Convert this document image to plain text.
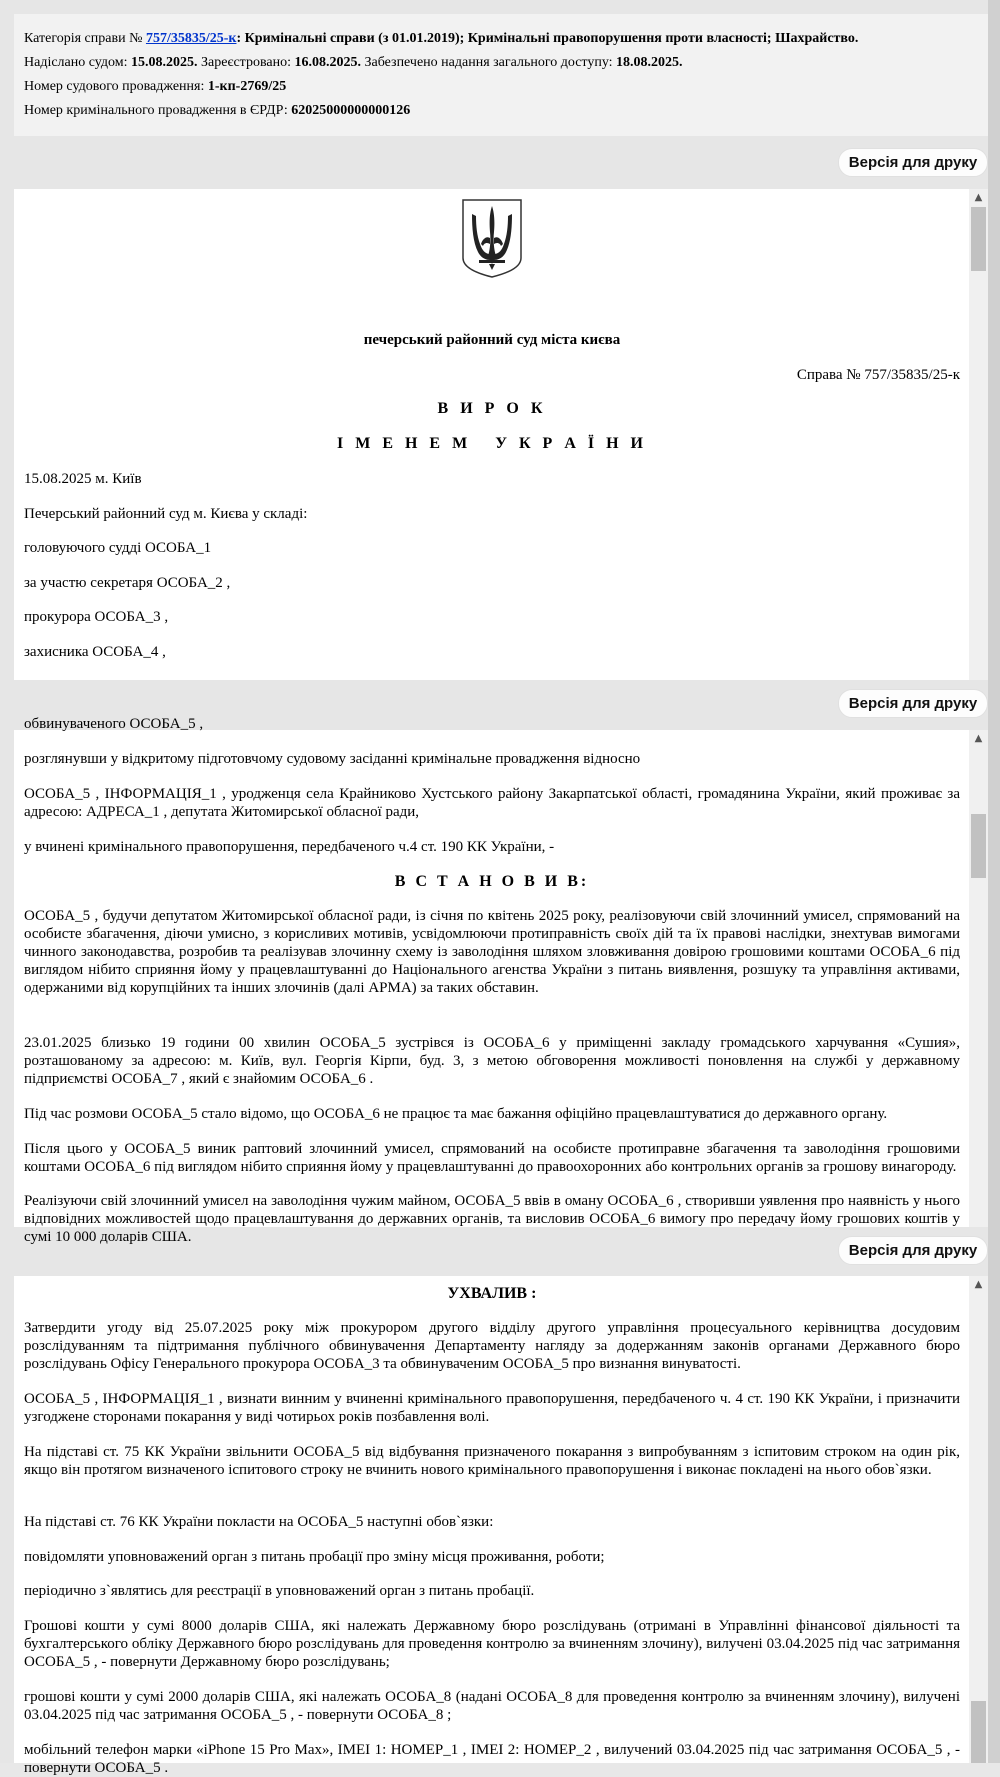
Категорія справи № 757/35835/25-к: Кримінальні справи (з 01.01.2019); Кримінальні правопорушення проти власності; Шахрайство.
Надіслано судом: 15.08.2025. Зареєстровано: 16.08.2025. Забезпечено надання загального доступу: 18.08.2025.
Номер судового провадження: 1-кп-2769/25
Номер кримінального провадження в ЄРДР: 62025000000000126
Версія для друку
печерський районний суд міста києва
Справа № 757/35835/25-к
В И Р О К
І М Е Н Е М   У К Р А Ї Н И
15.08.2025 м. Київ
Печерський районний суд м. Києва у складі:
головуючого судді ОСОБА_1
за участю секретаря ОСОБА_2 ,
прокурора ОСОБА_3 ,
захисника ОСОБА_4 ,
▲
Версія для друку
обвинуваченого ОСОБА_5 ,

розглянувши у відкритому підготовчому судовому засіданні кримінальне провадження відносно

ОСОБА_5 , ІНФОРМАЦІЯ_1 , уродженця села Крайниково Хустського району Закарпатської області, громадянина України, який проживає за адресою: АДРЕСА_1 , депутата Житомирської обласної ради,

у вчинені кримінального правопорушення, передбаченого ч.4 ст. 190 КК України, -

В С Т А Н О В И В:

ОСОБА_5 , будучи депутатом Житомирської обласної ради, із січня по квітень 2025 року, реалізовуючи свій злочинний умисел, спрямований на особисте збагачення, діючи умисно, з корисливих мотивів, усвідомлюючи протиправність своїх дій та їх правові наслідки, знехтував вимогами чинного законодавства, розробив та реалізував злочинну схему із заволодіння шляхом зловживання довірою грошовими коштами ОСОБА_6 під виглядом нібито сприяння йому у працевлаштуванні до Національного агенства України з питань виявлення, розшуку та управління активами, одержаними від корупційних та інших злочинів (далі АРМА) за таких обставин.

23.01.2025 близько 19 години 00 хвилин ОСОБА_5 зустрівся із ОСОБА_6 у приміщенні закладу громадського харчування «Сушия», розташованому за адресою: м. Київ, вул. Георгія Кірпи, буд. 3, з метою обговорення можливості поновлення на службі у державному підприємстві ОСОБА_7 , який є знайомим ОСОБА_6 .

Під час розмови ОСОБА_5 стало відомо, що ОСОБА_6 не працює та має бажання офіційно працевлаштуватися до державного органу.

Після цього у ОСОБА_5 виник раптовий злочинний умисел, спрямований на особисте протиправне збагачення та заволодіння грошовими коштами ОСОБА_6 під виглядом нібито сприяння йому у працевлаштуванні до правоохоронних або контрольних органів за грошову винагороду.

Реалізуючи свій злочинний умисел на заволодіння чужим майном, ОСОБА_5 ввів в оману ОСОБА_6 , створивши уявлення про наявність у нього відповідних можливостей щодо працевлаштування до державних органів, та висловив ОСОБА_6 вимогу про передачу йому грошових коштів у сумі 10 000 доларів США.

▲
Версія для друку
УХВАЛИВ :

Затвердити угоду від 25.07.2025 року між прокурором другого відділу другого управління процесуального керівництва досудовим розслідуванням та підтримання публічного обвинувачення Департаменту нагляду за додержанням законів органами Державного бюро розслідувань Офісу Генерального прокурора ОСОБА_3 та обвинуваченим ОСОБА_5 про визнання винуватості.

ОСОБА_5 , ІНФОРМАЦІЯ_1 , визнати винним у вчиненні кримінального правопорушення, передбаченого ч. 4 ст. 190 КК України, і призначити узгоджене сторонами покарання у виді чотирьох років позбавлення волі.

На підставі ст. 75 КК України звільнити ОСОБА_5 від відбування призначеного покарання з випробуванням з іспитовим строком на один рік, якщо він протягом визначеного іспитового строку не вчинить нового кримінального правопорушення і виконає покладені на нього обов`язки.

На підставі ст. 76 КК України покласти на ОСОБА_5 наступні обов`язки:

повідомляти уповноважений орган з питань пробації про зміну місця проживання, роботи;

періодично з`являтись для реєстрації в уповноважений орган з питань пробації.

Грошові кошти у сумі 8000 доларів США, які належать Державному бюро розслідувань (отримані в Управлінні фінансової діяльності та бухгалтерського обліку Державного бюро розслідувань для проведення контролю за вчиненням злочину), вилучені 03.04.2025 під час затримання ОСОБА_5 , - повернути Державному бюро розслідувань;

грошові кошти у сумі 2000 доларів США, які належать ОСОБА_8 (надані ОСОБА_8 для проведення контролю за вчиненням злочину), вилучені 03.04.2025 під час затримання ОСОБА_5 , - повернути ОСОБА_8 ;

мобільний телефон марки «iPhone 15 Pro Max», IMEI 1: НОМЕР_1 , IMEI 2: НОМЕР_2 , вилучений 03.04.2025 під час затримання ОСОБА_5 , - повернути ОСОБА_5 .

▲
